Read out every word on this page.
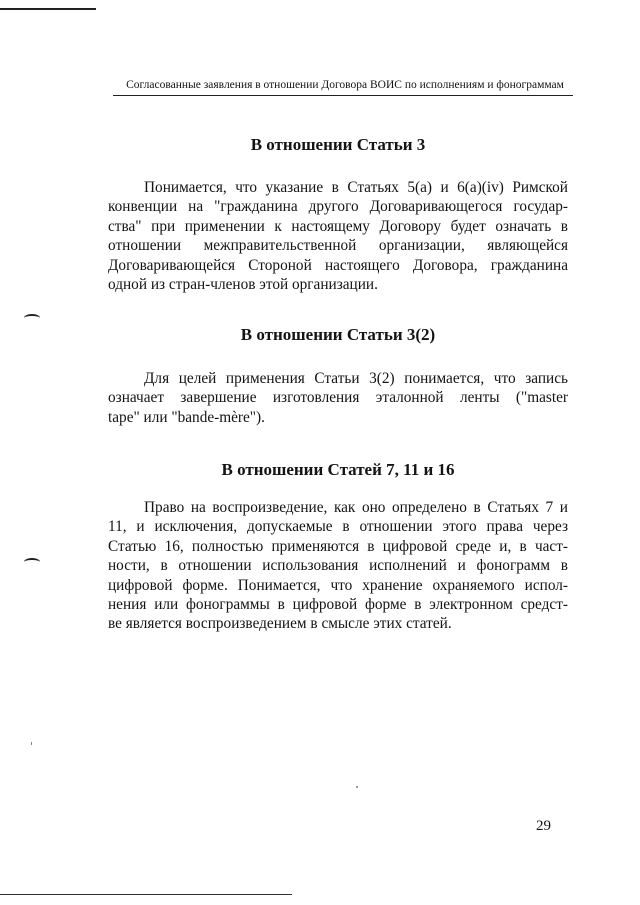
Согласованные заявления в отношении Договора ВОИС по исполнениям и фонограммам
В отношении Статьи 3
Понимается, что указание в Статьях 5(a) и 6(a)(iv) Римской
конвенции на "гражданина другого Договаривающегося государ-
ства" при применении к настоящему Договору будет означать в
отношении межправительственной организации, являющейся
Договаривающейся Стороной настоящего Договора, гражданина
одной из стран-членов этой организации.
В отношении Статьи 3(2)
Для целей применения Статьи 3(2) понимается, что запись
означает завершение изготовления эталонной ленты ("master
tape" или "bande-mère").
В отношении Статей 7, 11 и 16
Право на воспроизведение, как оно определено в Статьях 7 и
11, и исключения, допускаемые в отношении этого права через
Статью 16, полностью применяются в цифровой среде и, в част-
ности, в отношении использования исполнений и фонограмм в
цифровой форме. Понимается, что хранение охраняемого испол-
нения или фонограммы в цифровой форме в электронном средст-
ве является воспроизведением в смысле этих статей.
29
